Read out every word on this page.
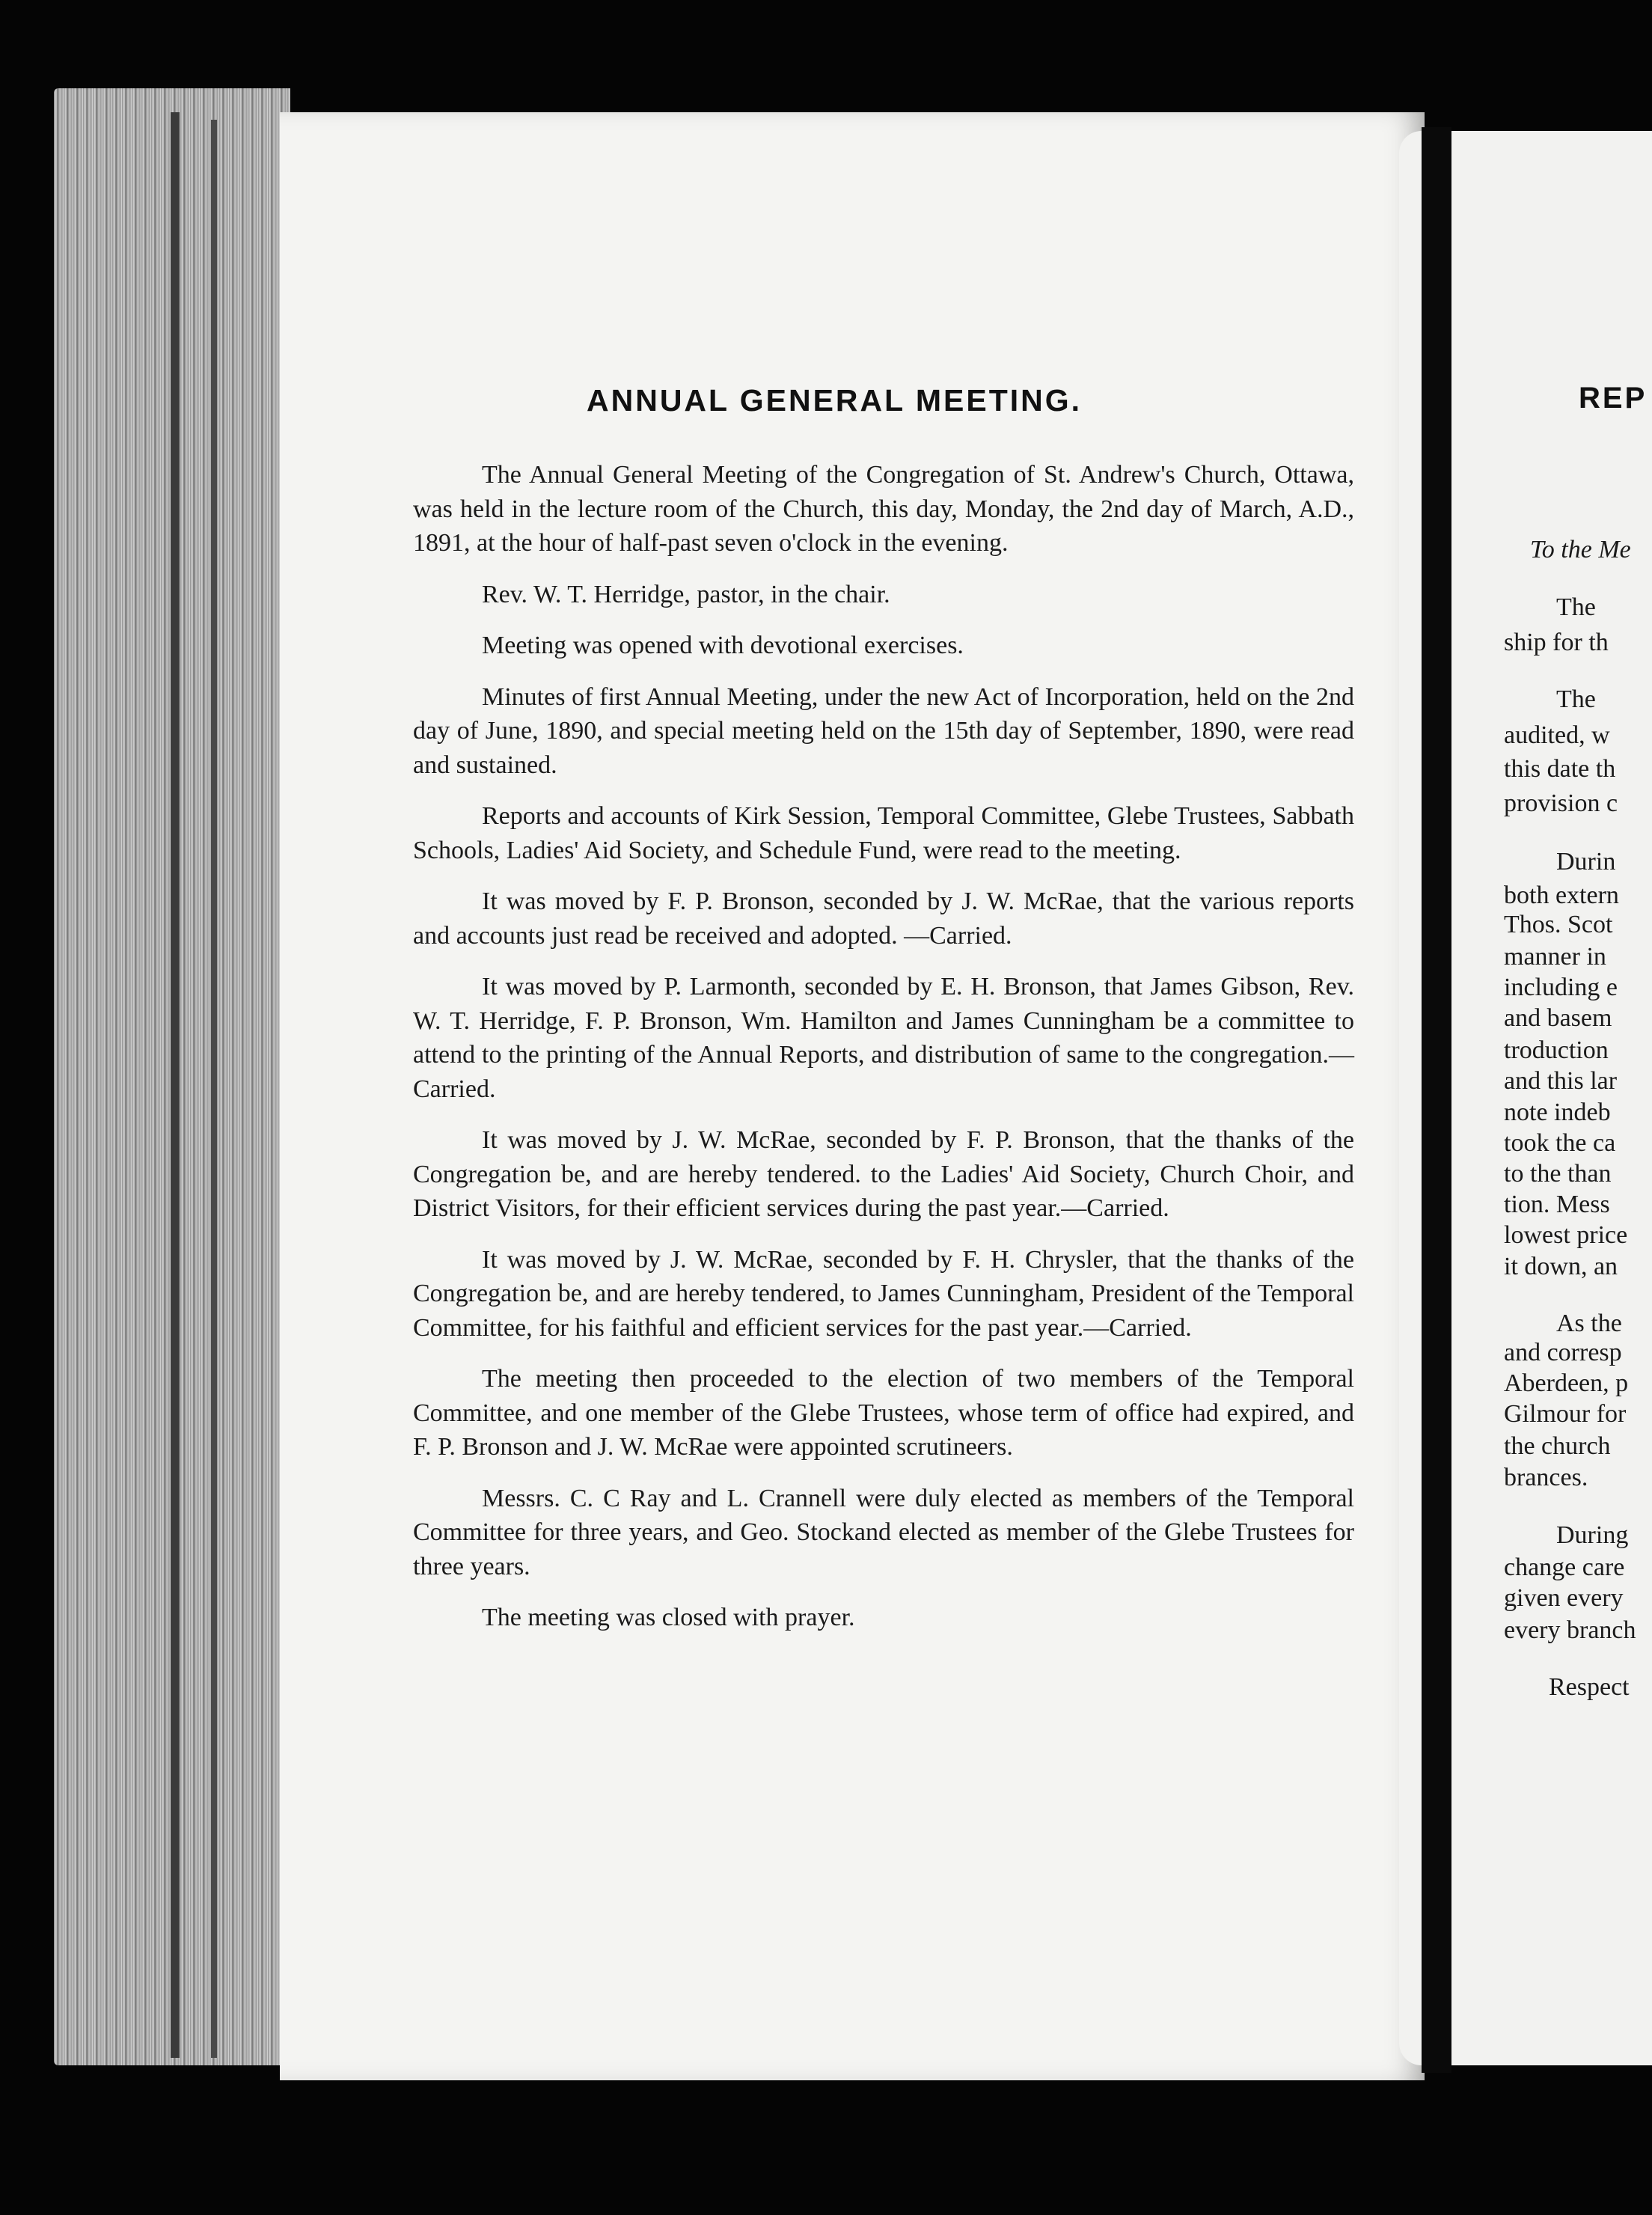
REP
To the Me
The
ship for th
The
audited, w
this date th
provision c
Durin
both extern
Thos. Scot
manner in
including e
and basem
troduction
and this lar
note indeb
took the ca
to the than
tion. Mess
lowest price
it down, an
As the
and corresp
Aberdeen, p
Gilmour for
the church
brances.
During
change care
given every
every branch
Respect
ANNUAL GENERAL MEETING.

The Annual General Meeting of the Congregation of St. Andrew's Church, Ottawa, was held in the lecture room of the Church, this day, Monday, the 2nd day of March, A.D., 1891, at the hour of half-past seven o'clock in the evening.

Rev. W. T. Herridge, pastor, in the chair.

Meeting was opened with devotional exercises.

Minutes of first Annual Meeting, under the new Act of Incorporation, held on the 2nd day of June, 1890, and special meeting held on the 15th day of September, 1890, were read and sustained.

Reports and accounts of Kirk Session, Temporal Committee, Glebe Trustees, Sabbath Schools, Ladies' Aid Society, and Schedule Fund, were read to the meeting.

It was moved by F. P. Bronson, seconded by J. W. McRae, that the various reports and accounts just read be received and adopted. —Carried.

It was moved by P. Larmonth, seconded by E. H. Bronson, that James Gibson, Rev. W. T. Herridge, F. P. Bronson, Wm. Hamilton and James Cunningham be a committee to attend to the printing of the Annual Reports, and distribution of same to the congregation.—Carried.

It was moved by J. W. McRae, seconded by F. P. Bronson, that the thanks of the Congregation be, and are hereby tendered. to the Ladies' Aid Society, Church Choir, and District Visitors, for their efficient services during the past year.—Carried.

It was moved by J. W. McRae, seconded by F. H. Chrysler, that the thanks of the Congregation be, and are hereby tendered, to James Cunningham, President of the Temporal Committee, for his faithful and efficient services for the past year.—Carried.

The meeting then proceeded to the election of two members of the Temporal Committee, and one member of the Glebe Trustees, whose term of office had expired, and F. P. Bronson and J. W. McRae were appointed scrutineers.

Messrs. C. C Ray and L. Crannell were duly elected as members of the Temporal Committee for three years, and Geo. Stockand elected as member of the Glebe Trustees for three years.

The meeting was closed with prayer.
